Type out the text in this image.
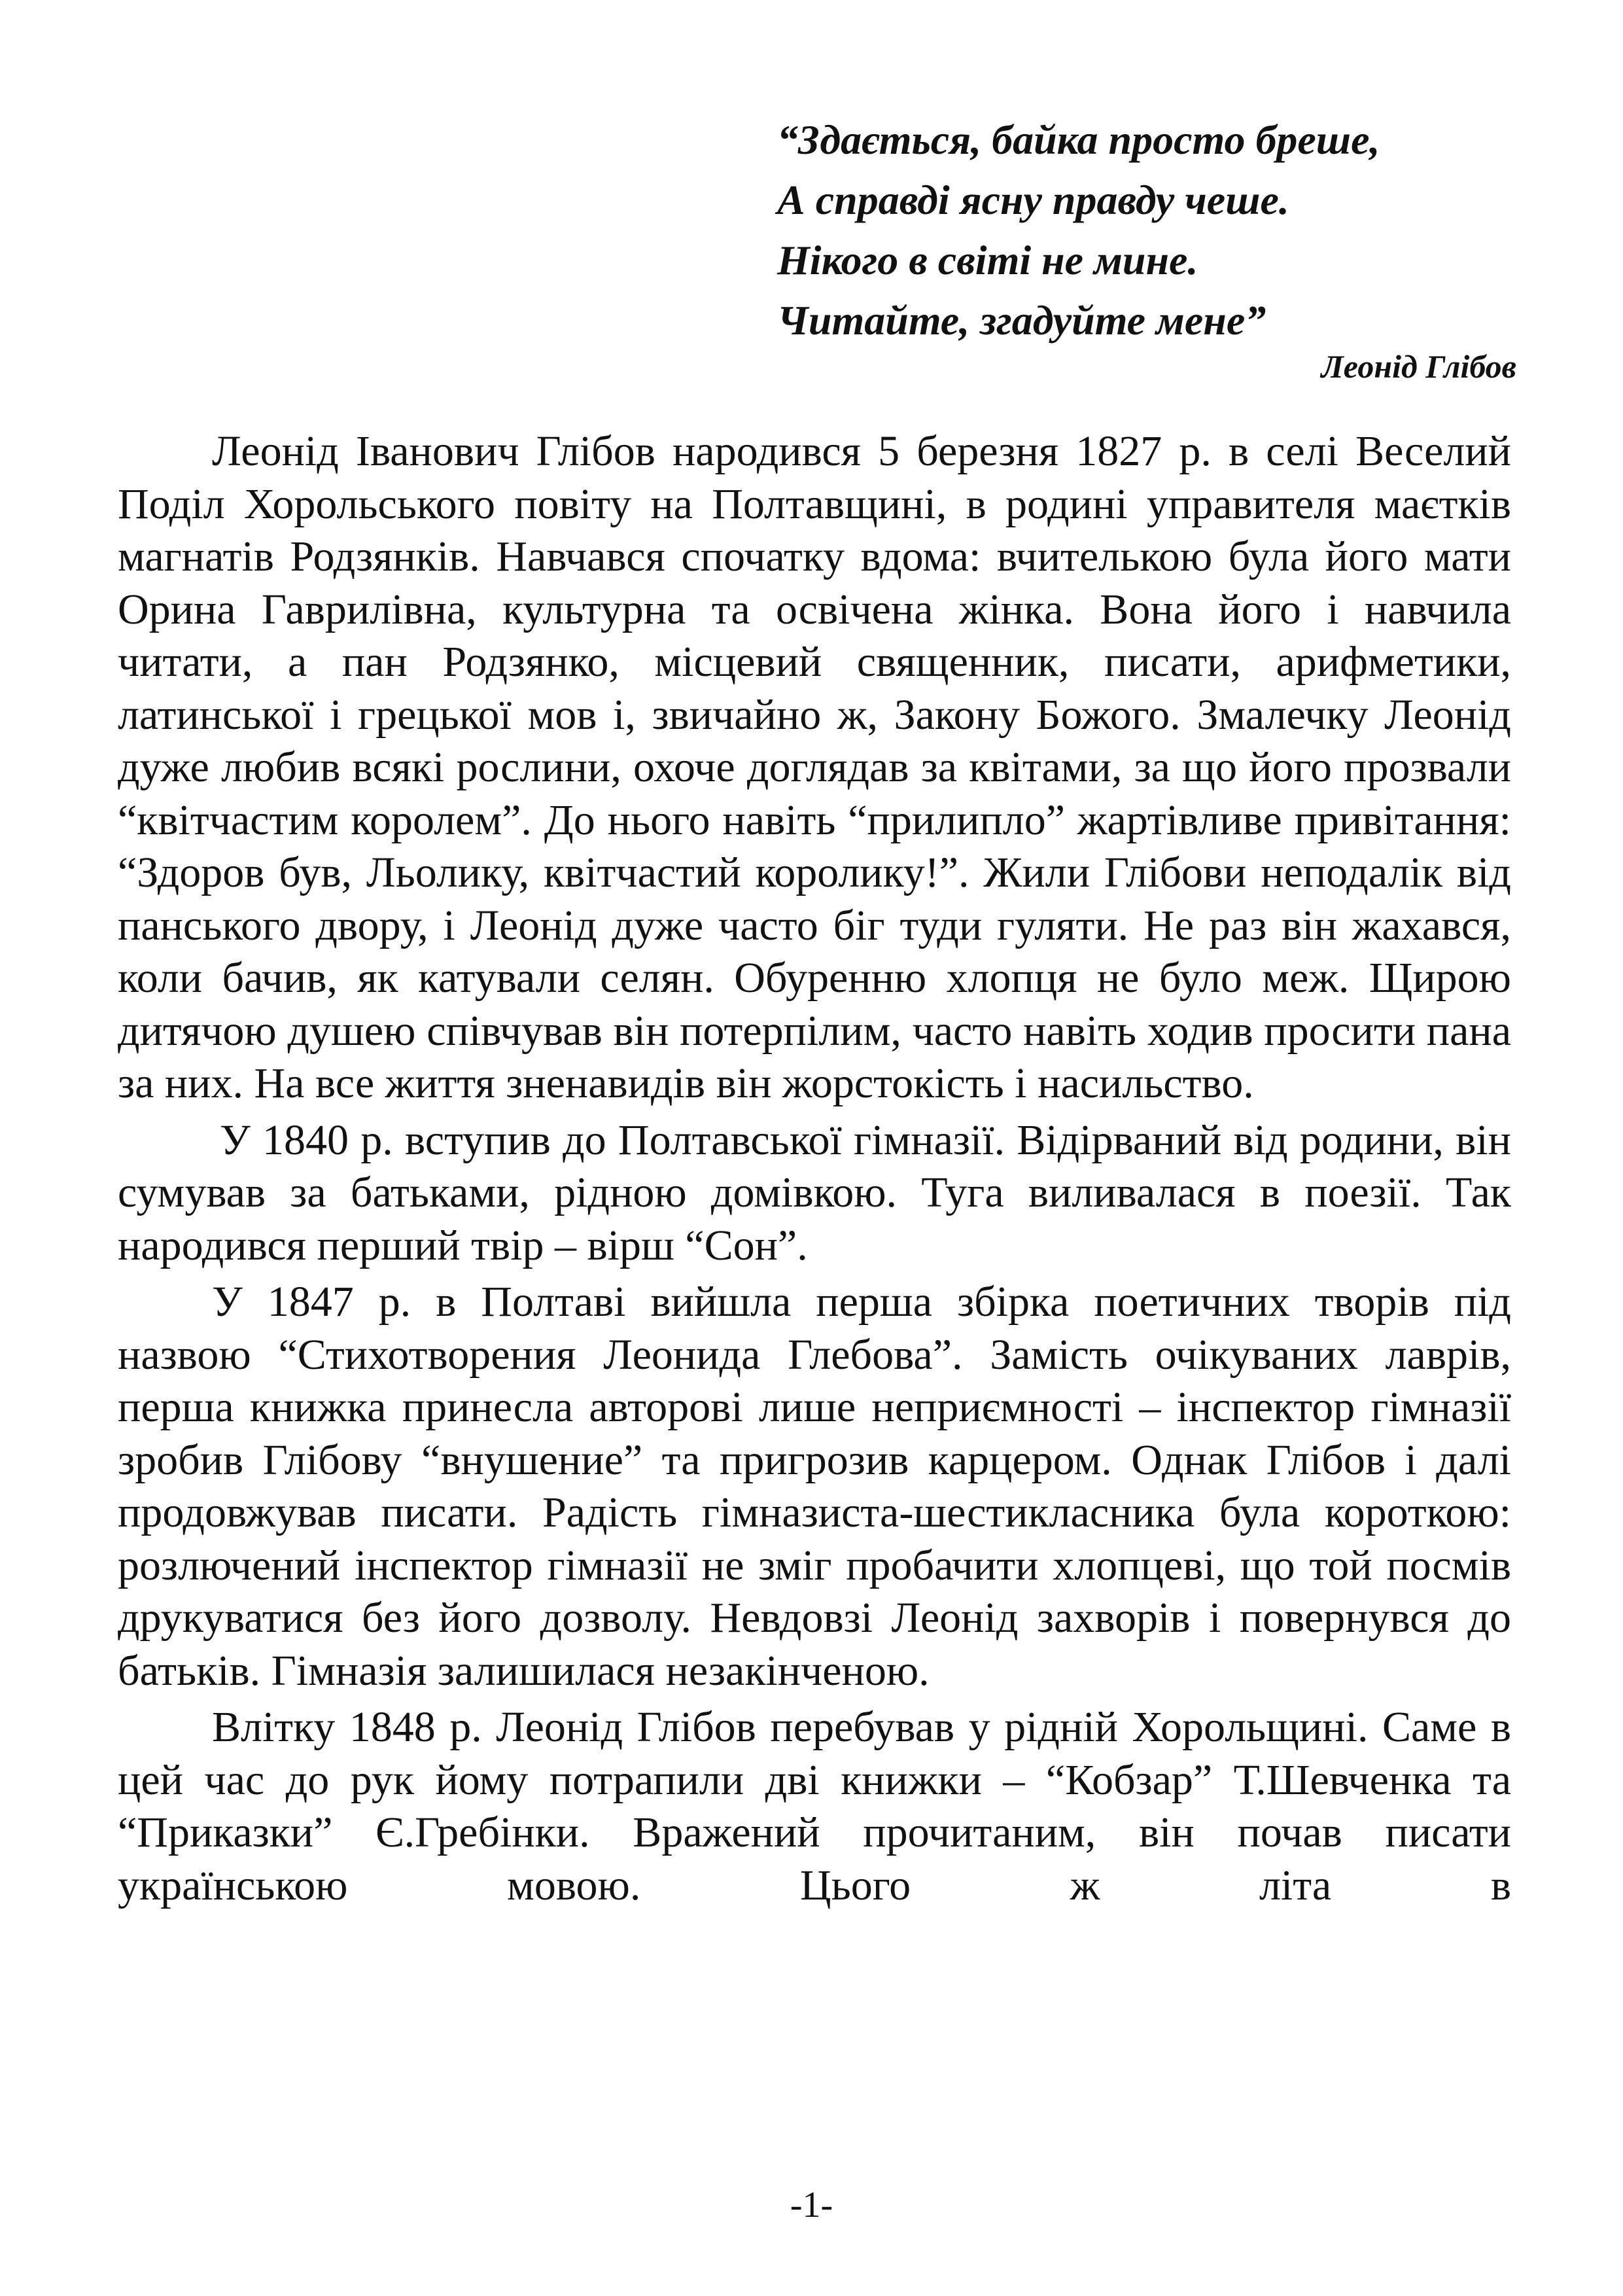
“Здається, байка просто бреше,
А справді ясну правду чеше.
Нікого в світі не мине.
Читайте, згадуйте мене”
Леонід Глібов

Леонід Іванович Глібов народився 5 березня 1827 р. в селі Веселий Поділ Хорольського повіту на Полтавщині, в родині управителя маєтків магнатів Родзянків. Навчався спочатку вдома: вчителькою була його мати Орина Гаврилівна, культурна та освічена жінка. Вона його і навчила читати, а пан Родзянко, місцевий священник, писати, арифметики, латинської і грецької мов і, звичайно ж, Закону Божого. Змалечку Леонід дуже любив всякі рослини, охоче доглядав за квітами, за що його прозвали “квітчастим королем”. До нього навіть “прилипло” жартівливе привітання: “Здоров був, Льолику, квітчастий королику!”. Жили Глібови неподалік від панського двору, і Леонід дуже часто біг туди гуляти. Не раз він жахався, коли бачив, як катували селян. Обуренню хлопця не було меж. Щирою дитячою душею співчував він потерпілим, часто навіть ходив просити пана за них. На все життя зненавидів він жорстокість і насильство.

У 1840 р. вступив до Полтавської гімназії. Відірваний від родини, він сумував за батьками, рідною домівкою. Туга виливалася в поезії. Так народився перший твір – вірш “Сон”.

У 1847 р. в Полтаві вийшла перша збірка поетичних творів під назвою “Стихотворения Леонида Глебова”. Замість очікуваних лаврів, перша книжка принесла авторові лише неприємності – інспектор гімназії зробив Глібову “внушение” та пригрозив карцером. Однак Глібов і далі продовжував писати. Радість гімназиста-шестикласника була короткою: розлючений інспектор гімназії не зміг пробачити хлопцеві, що той посмів друкуватися без його дозволу. Невдовзі Леонід захворів і повернувся до батьків. Гімназія залишилася незакінченою.

Влітку 1848 р. Леонід Глібов перебував у рідній Хорольщині. Саме в цей час до рук йому потрапили дві книжки – “Кобзар” Т.Шевченка та “Приказки” Є.Гребінки. Вражений прочитаним, він почав писати українською мовою. Цього ж літа в

-1-
